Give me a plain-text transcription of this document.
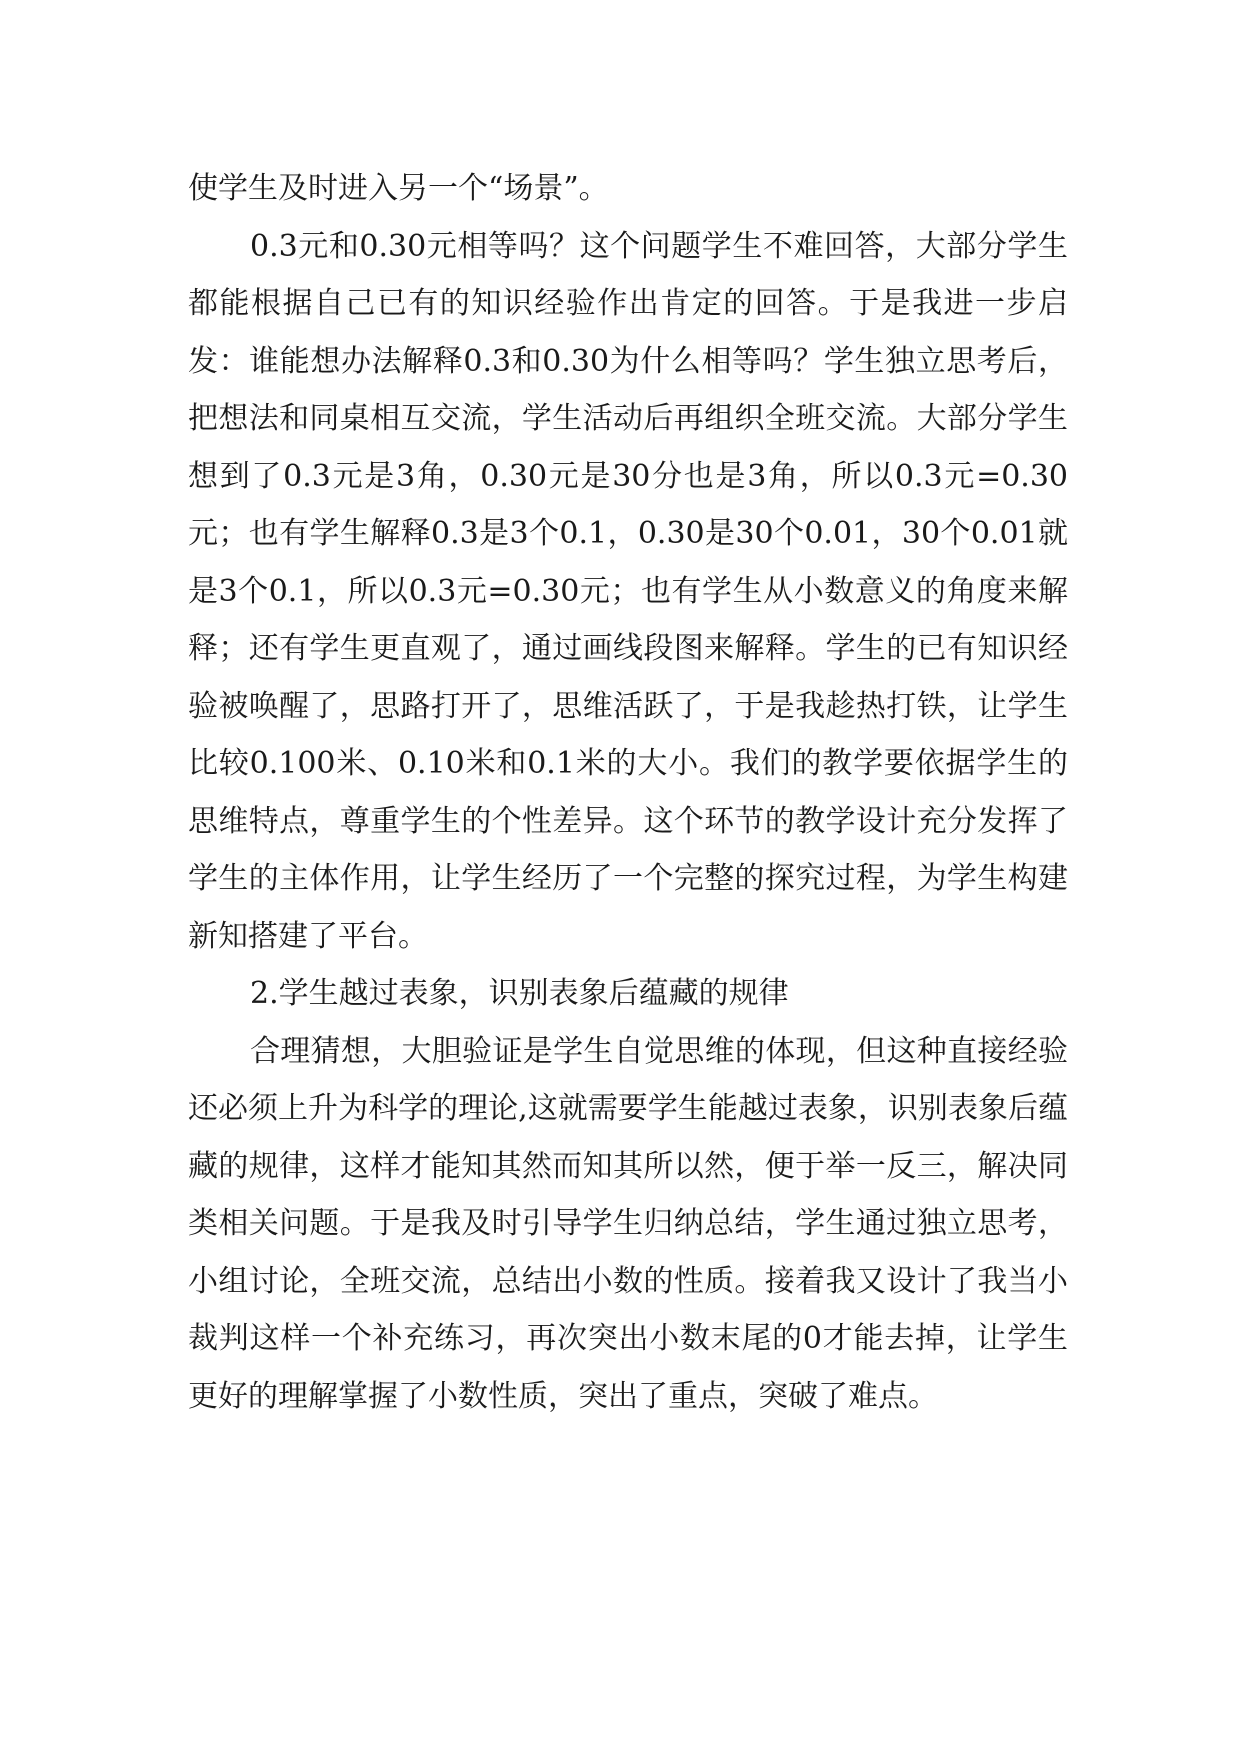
使学生及时进入另一个“场景”。

0.3元和0.30元相等吗？这个问题学生不难回答，大部分学生都能根据自己已有的知识经验作出肯定的回答。于是我进一步启发：谁能想办法解释0.3和0.30为什么相等吗？学生独立思考后，把想法和同桌相互交流，学生活动后再组织全班交流。大部分学生想到了0.3元是3角，0.30元是30分也是3角，所以0.3元=0.30元；也有学生解释0.3是3个0.1，0.30是30个0.01，30个0.01就是3个0.1，所以0.3元=0.30元；也有学生从小数意义的角度来解释；还有学生更直观了，通过画线段图来解释。学生的已有知识经验被唤醒了，思路打开了，思维活跃了，于是我趁热打铁，让学生比较0.100米、0.10米和0.1米的大小。我们的教学要依据学生的思维特点，尊重学生的个性差异。这个环节的教学设计充分发挥了学生的主体作用，让学生经历了一个完整的探究过程，为学生构建新知搭建了平台。

2.学生越过表象，识别表象后蕴藏的规律

合理猜想，大胆验证是学生自觉思维的体现，但这种直接经验还必须上升为科学的理论,这就需要学生能越过表象，识别表象后蕴藏的规律，这样才能知其然而知其所以然，便于举一反三，解决同类相关问题。于是我及时引导学生归纳总结，学生通过独立思考，小组讨论，全班交流，总结出小数的性质。接着我又设计了我当小裁判这样一个补充练习，再次突出小数末尾的0才能去掉，让学生更好的理解掌握了小数性质，突出了重点，突破了难点。
